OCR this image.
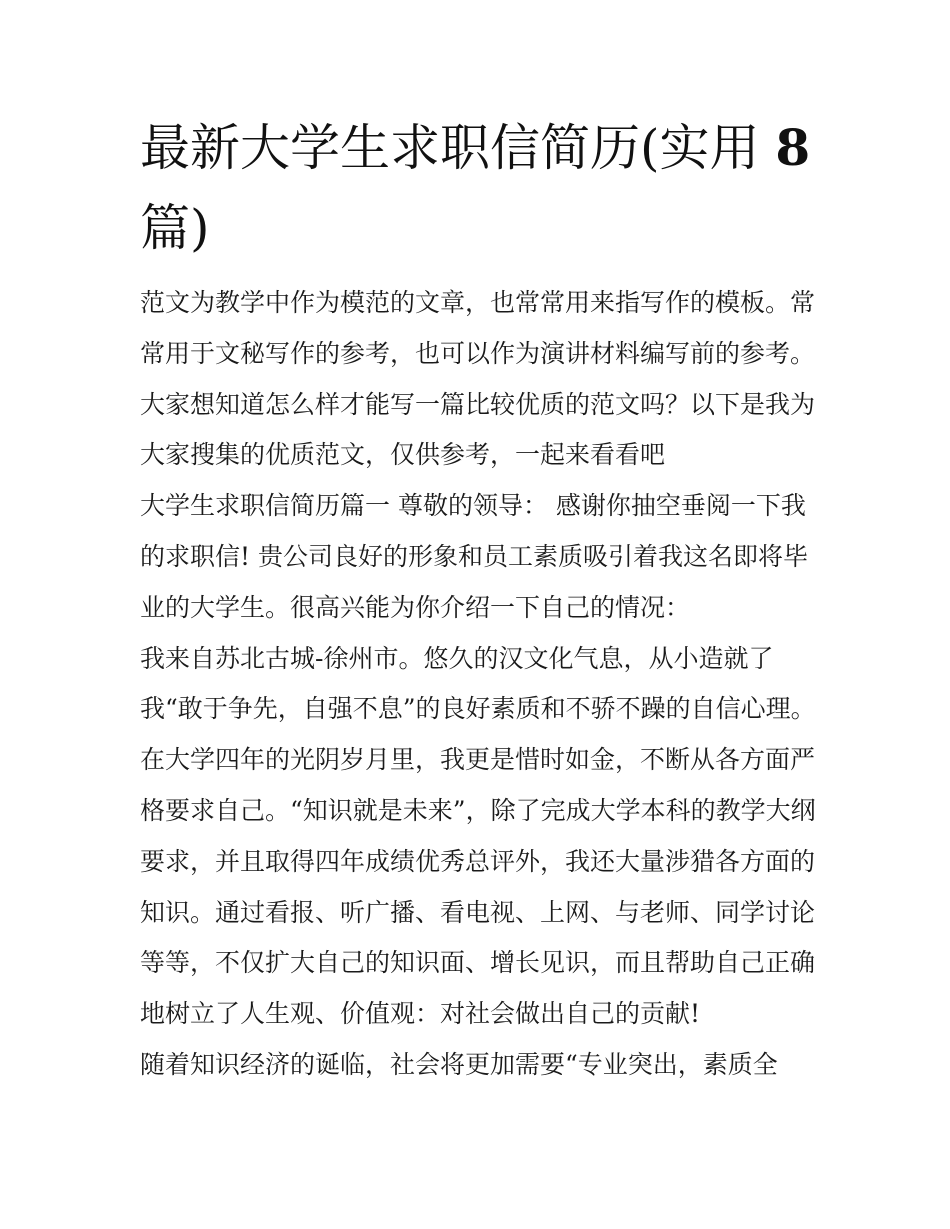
最新大学生求职信简历(实用 8
篇)

范文为教学中作为模范的文章，也常常用来指写作的模板。常

常用于文秘写作的参考，也可以作为演讲材料编写前的参考。

大家想知道怎么样才能写一篇比较优质的范文吗？以下是我为

大家搜集的优质范文，仅供参考，一起来看看吧

大学生求职信简历篇一 尊敬的领导： 感谢你抽空垂阅一下我

的求职信! 贵公司良好的形象和员工素质吸引着我这名即将毕

业的大学生。很高兴能为你介绍一下自己的情况：

我来自苏北古城-徐州市。悠久的汉文化气息，从小造就了

我“敢于争先，自强不息”的良好素质和不骄不躁的自信心理。

在大学四年的光阴岁月里，我更是惜时如金，不断从各方面严

格要求自己。“知识就是未来”，除了完成大学本科的教学大纲

要求，并且取得四年成绩优秀总评外，我还大量涉猎各方面的

知识。通过看报、听广播、看电视、上网、与老师、同学讨论

等等，不仅扩大自己的知识面、增长见识，而且帮助自己正确

地树立了人生观、价值观：对社会做出自己的贡献!

随着知识经济的诞临，社会将更加需要“专业突出，素质全
